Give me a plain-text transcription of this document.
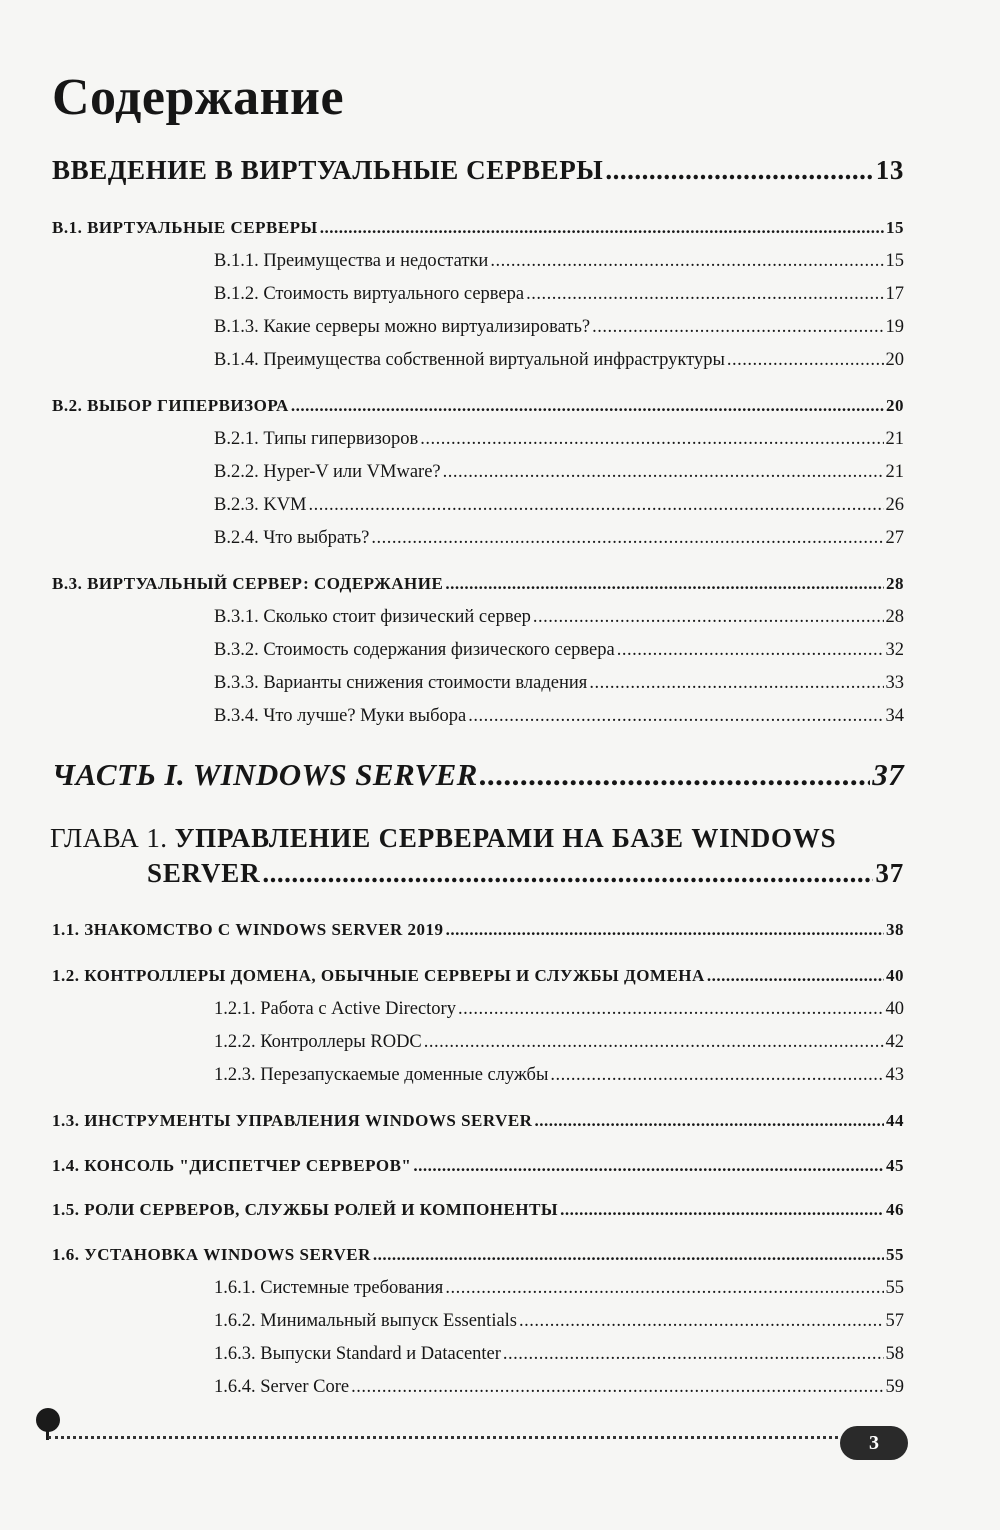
Содержание
ВВЕДЕНИЕ В ВИРТУАЛЬНЫЕ СЕРВЕРЫ .....	13
В.1. ВИРТУАЛЬНЫЕ СЕРВЕРЫ .....	15
В.1.1. Преимущества и недостатки .....	15
В.1.2. Стоимость виртуального сервера .....	17
В.1.3. Какие серверы можно виртуализировать? .....	19
В.1.4. Преимущества собственной виртуальной инфраструктуры .....	20
В.2. ВЫБОР ГИПЕРВИЗОРА .....	20
В.2.1. Типы гипервизоров .....	21
В.2.2. Hyper-V или VMware? .....	21
В.2.3. KVM .....	26
В.2.4. Что выбрать? .....	27
В.3. ВИРТУАЛЬНЫЙ СЕРВЕР: СОДЕРЖАНИЕ .....	28
В.3.1. Сколько стоит физический сервер .....	28
В.3.2. Стоимость содержания физического сервера .....	32
В.3.3. Варианты снижения стоимости владения .....	33
В.3.4. Что лучше? Муки выбора .....	34
ЧАСТЬ I. WINDOWS SERVER .....	37
ГЛАВА 1. УПРАВЛЕНИЕ СЕРВЕРАМИ НА БАЗЕ WINDOWS
SERVER .....	37
1.1. ЗНАКОМСТВО С WINDOWS SERVER 2019 .....	38
1.2. КОНТРОЛЛЕРЫ ДОМЕНА, ОБЫЧНЫЕ СЕРВЕРЫ И СЛУЖБЫ ДОМЕНА .....	40
1.2.1. Работа с Active Directory .....	40
1.2.2. Контроллеры RODC .....	42
1.2.3. Перезапускаемые доменные службы .....	43
1.3. ИНСТРУМЕНТЫ УПРАВЛЕНИЯ WINDOWS SERVER .....	44
1.4. КОНСОЛЬ "ДИСПЕТЧЕР СЕРВЕРОВ" .....	45
1.5. РОЛИ СЕРВЕРОВ, СЛУЖБЫ РОЛЕЙ И КОМПОНЕНТЫ .....	46
1.6. УСТАНОВКА WINDOWS SERVER .....	55
1.6.1. Системные требования .....	55
1.6.2. Минимальный выпуск Essentials .....	57
1.6.3. Выпуски Standard и Datacenter .....	58
1.6.4. Server Core .....	59
3
